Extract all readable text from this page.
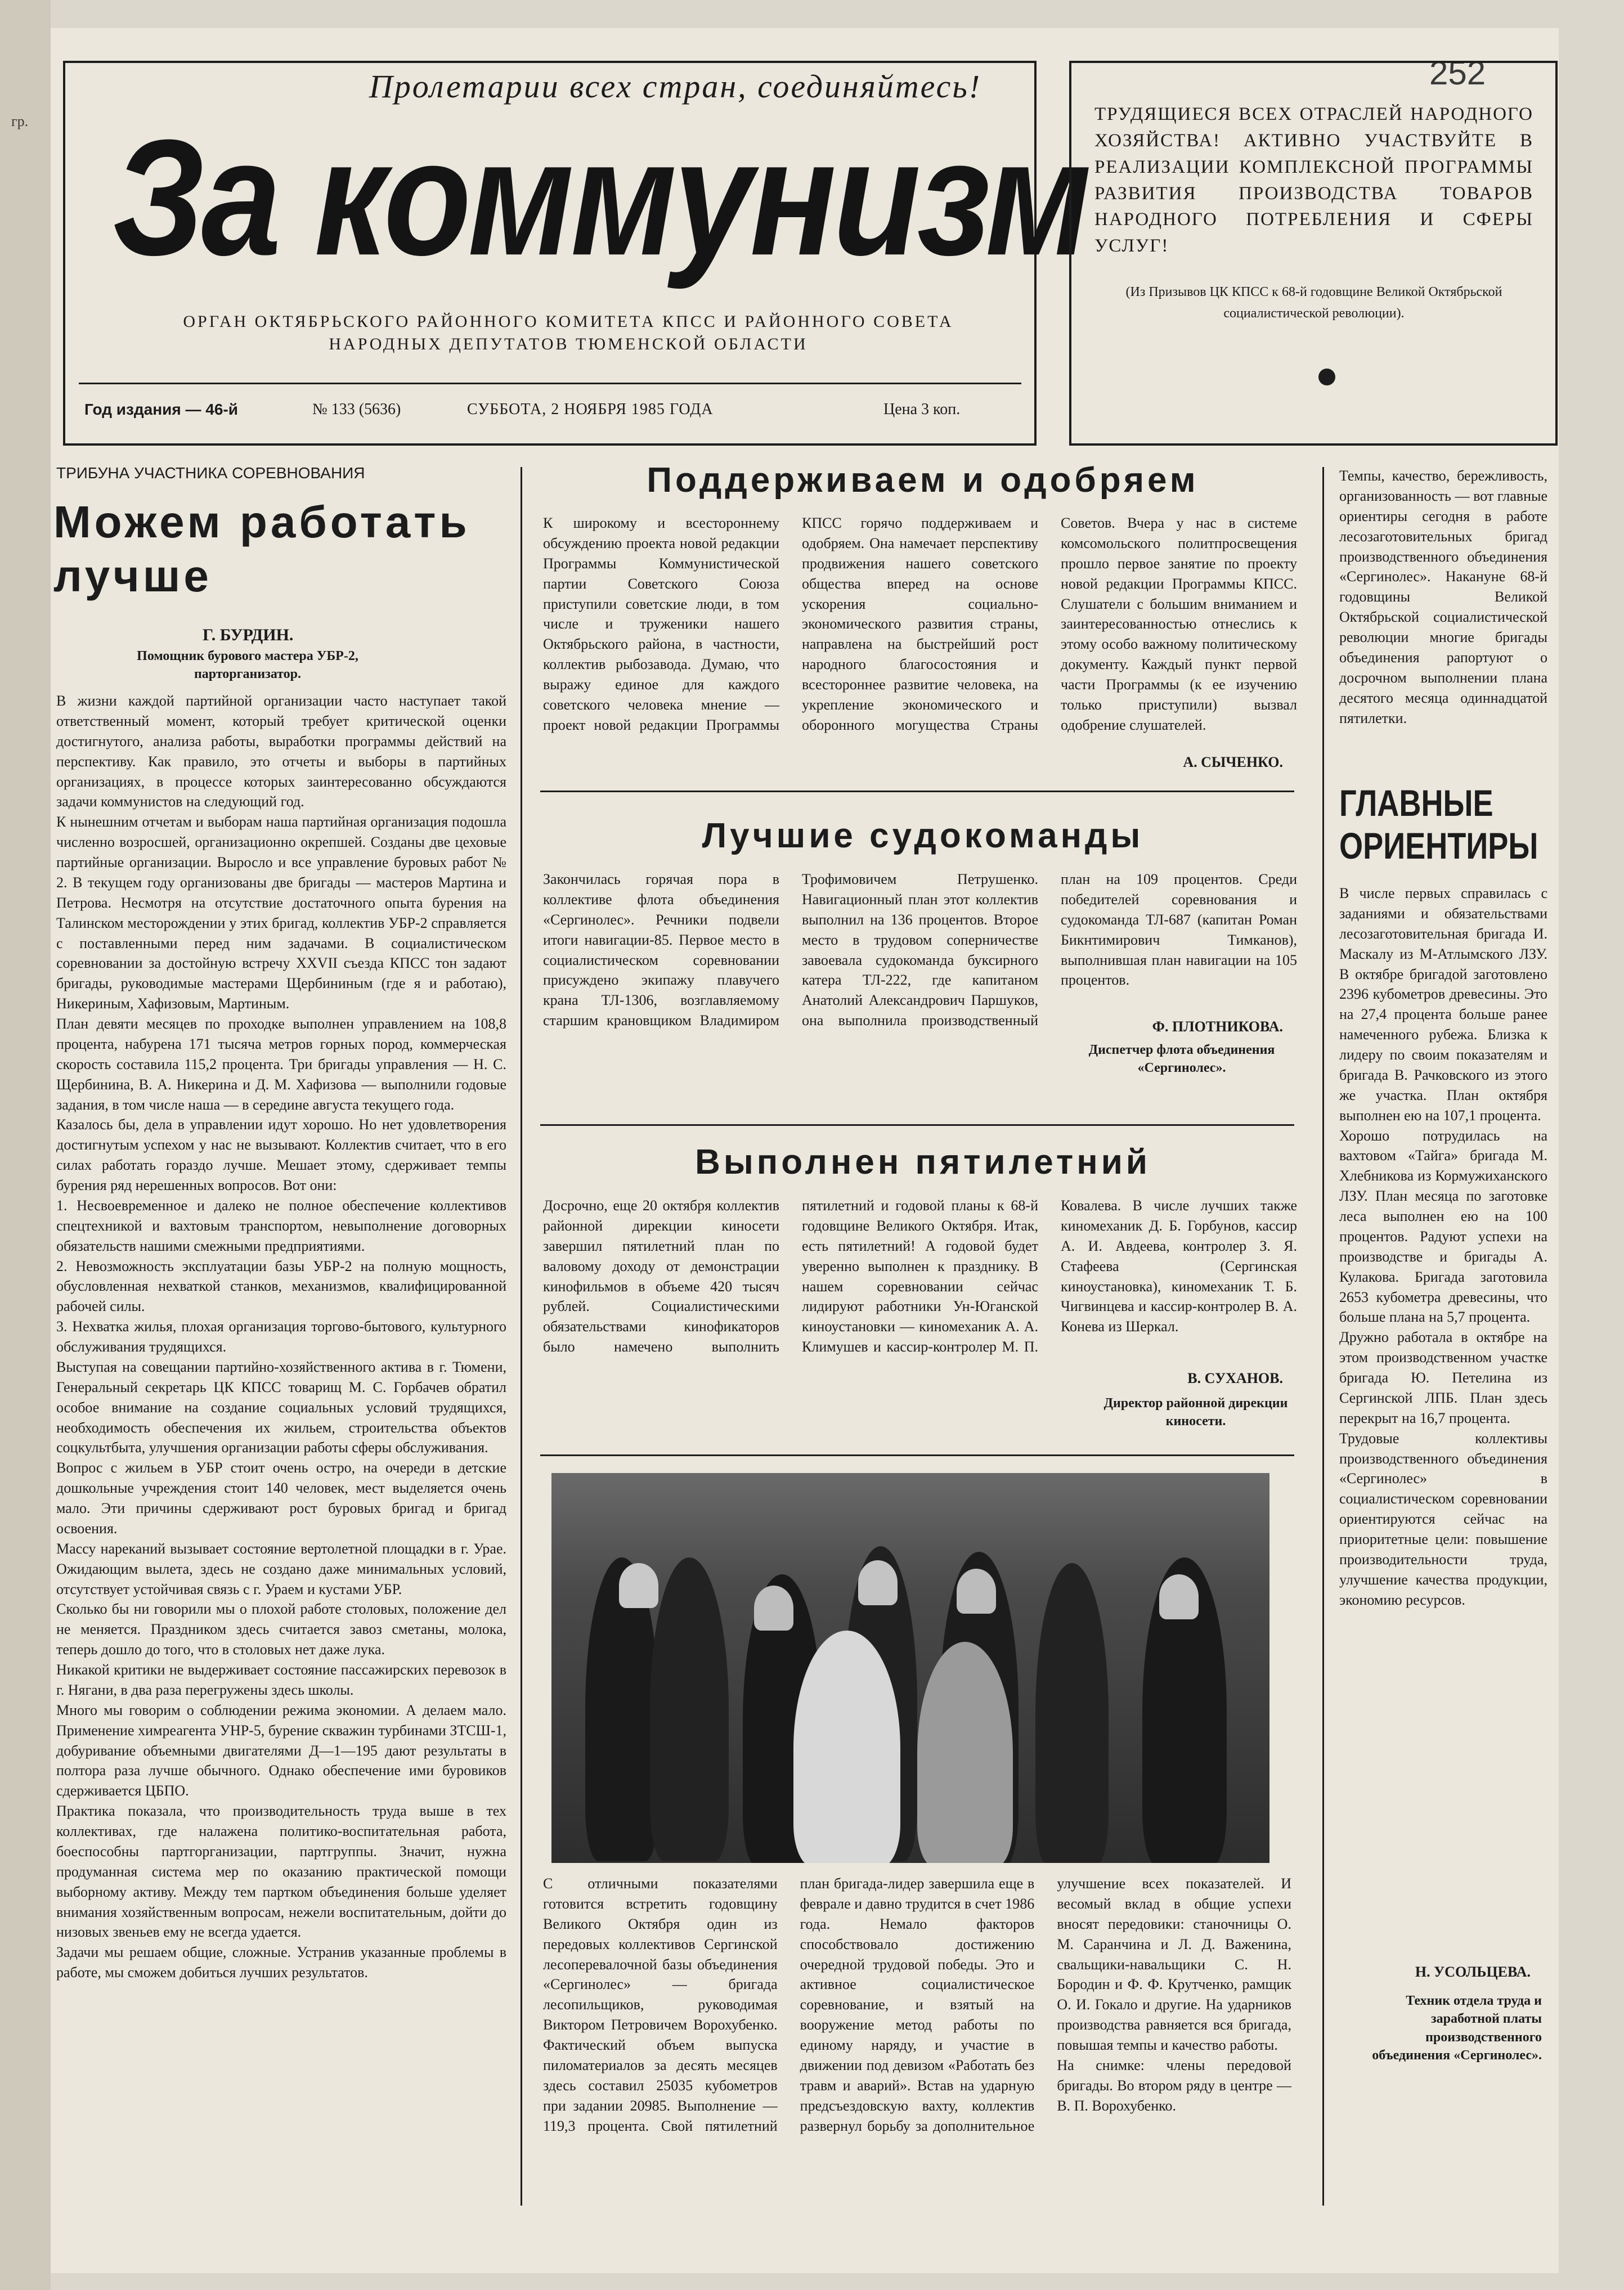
гр.
252
Пролетарии всех стран, соединяйтесь!
За коммунизм
ОРГАН ОКТЯБРЬСКОГО РАЙОННОГО КОМИТЕТА КПСС И РАЙОННОГО СОВЕТА
НАРОДНЫХ ДЕПУТАТОВ ТЮМЕНСКОЙ ОБЛАСТИ
Год издания — 46-й	№ 133 (5636)	СУББОТА, 2 НОЯБРЯ 1985 ГОДА	Цена 3 коп.
ТРУДЯЩИЕСЯ ВСЕХ ОТРАСЛЕЙ НАРОДНОГО ХОЗЯЙСТВА! АКТИВНО УЧАСТВУЙТЕ В РЕАЛИЗАЦИИ КОМПЛЕКСНОЙ ПРОГРАММЫ РАЗВИТИЯ ПРОИЗВОДСТВА ТОВАРОВ НАРОДНОГО ПОТРЕБЛЕНИЯ И СФЕРЫ УСЛУГ!
(Из Призывов ЦК КПСС к 68-й годовщине Великой Октябрьской социалистической революции).
ТРИБУНА УЧАСТНИКА СОРЕВНОВАНИЯ
Можем работать лучше
Г. БУРДИН.
Помощник бурового мастера УБР-2, парторганизатор.
В жизни каждой партийной организации часто наступает такой ответственный момент, который требует критической оценки достигнутого, анализа работы, выработки программы действий на перспективу. Как правило, это отчеты и выборы в партийных организациях, в процессе которых заинтересованно обсуждаются задачи коммунистов на следующий год.
К нынешним отчетам и выборам наша партийная организация подошла численно возросшей, организационно окрепшей. Созданы две цеховые партийные организации. Выросло и все управление буровых работ № 2. В текущем году организованы две бригады — мастеров Мартина и Петрова. Несмотря на отсутствие достаточного опыта бурения на Талинском месторождении у этих бригад, коллектив УБР-2 справляется с поставленными перед ним задачами. В социалистическом соревновании за достойную встречу XXVII съезда КПСС тон задают бригады, руководимые мастерами Щербининым (где я и работаю), Никериным, Хафизовым, Мартиным.
План девяти месяцев по проходке выполнен управлением на 108,8 процента, набурена 171 тысяча метров горных пород, коммерческая скорость составила 115,2 процента. Три бригады управления — Н. С. Щербинина, В. А. Никерина и Д. М. Хафизова — выполнили годовые задания, в том числе наша — в середине августа текущего года.
Казалось бы, дела в управлении идут хорошо. Но нет удовлетворения достигнутым успехом у нас не вызывают. Коллектив считает, что в его силах работать гораздо лучше. Мешает этому, сдерживает темпы бурения ряд нерешенных вопросов. Вот они:
1. Несвоевременное и далеко не полное обеспечение коллективов спецтехникой и вахтовым транспортом, невыполнение договорных обязательств нашими смежными предприятиями.
2. Невозможность эксплуатации базы УБР-2 на полную мощность, обусловленная нехваткой станков, механизмов, квалифицированной рабочей силы.
3. Нехватка жилья, плохая организация торгово-бытового, культурного обслуживания трудящихся.
Выступая на совещании партийно-хозяйственного актива в г. Тюмени, Генеральный секретарь ЦК КПСС товарищ М. С. Горбачев обратил особое внимание на создание социальных условий трудящихся, необходимость обеспечения их жильем, строительства объектов соцкультбыта, улучшения организации работы сферы обслуживания.
Вопрос с жильем в УБР стоит очень остро, на очереди в детские дошкольные учреждения стоит 140 человек, мест выделяется очень мало. Эти причины сдерживают рост буровых бригад и бригад освоения.
Массу нареканий вызывает состояние вертолетной площадки в г. Урае. Ожидающим вылета, здесь не создано даже минимальных условий, отсутствует устойчивая связь с г. Ураем и кустами УБР.
Сколько бы ни говорили мы о плохой работе столовых, положение дел не меняется. Праздником здесь считается завоз сметаны, молока, теперь дошло до того, что в столовых нет даже лука.
Никакой критики не выдерживает состояние пассажирских перевозок в г. Нягани, в два раза перегружены здесь школы.
Много мы говорим о соблюдении режима экономии. А делаем мало. Применение химреагента УНР-5, бурение скважин турбинами ЗТСШ-1, добуривание объемными двигателями Д—1—195 дают результаты в полтора раза лучше обычного. Однако обеспечение ими буровиков сдерживается ЦБПО.
Практика показала, что производительность труда выше в тех коллективах, где налажена политико-воспитательная работа, боеспособны партгорганизации, партгруппы. Значит, нужна продуманная система мер по оказанию практической помощи выборному активу. Между тем партком объединения больше уделяет внимания хозяйственным вопросам, нежели воспитательным, дойти до низовых звеньев ему не всегда удается.
Задачи мы решаем общие, сложные. Устранив указанные проблемы в работе, мы сможем добиться лучших результатов.
Поддерживаем и одобряем
К широкому и всестороннему обсуждению проекта новой редакции Программы Коммунистической партии Советского Союза приступили советские люди, в том числе и труженики нашего Октябрьского района, в частности, коллектив рыбозавода. Думаю, что выражу единое для каждого советского человека мнение — проект новой редакции Программы КПСС горячо поддерживаем и одобряем. Она намечает перспективу продвижения нашего советского общества вперед на основе ускорения социально-экономического развития страны, направлена на быстрейший рост народного благосостояния и всестороннее развитие человека, на укрепление экономического и оборонного могущества Страны Советов. Вчера у нас в системе комсомольского политпросвещения прошло первое занятие по проекту новой редакции Программы КПСС. Слушатели с большим вниманием и заинтересованностью отнеслись к этому особо важному политическому документу. Каждый пункт первой части Программы (к ее изучению только приступили) вызвал одобрение слушателей.
А. СЫЧЕНКО.
Лучшие судокоманды
Закончилась горячая пора в коллективе флота объединения «Сергинолес». Речники подвели итоги навигации-85. Первое место в социалистическом соревновании присуждено экипажу плавучего крана ТЛ-1306, возглавляемому старшим крановщиком Владимиром Трофимовичем Петрушенко. Навигационный план этот коллектив выполнил на 136 процентов. Второе место в трудовом соперничестве завоевала судокоманда буксирного катера ТЛ-222, где капитаном Анатолий Александрович Паршуков, она выполнила производственный план на 109 процентов. Среди победителей соревнования и судокоманда ТЛ-687 (капитан Роман Бикнтимирович Тимканов), выполнившая план навигации на 105 процентов.
Ф. ПЛОТНИКОВА.
Диспетчер флота объединения «Сергинолес».
Выполнен пятилетний
Досрочно, еще 20 октября коллектив районной дирекции киносети завершил пятилетний план по валовому доходу от демонстрации кинофильмов в объеме 420 тысяч рублей. Социалистическими обязательствами кинофикаторов было намечено выполнить пятилетний и годовой планы к 68-й годовщине Великого Октября. Итак, есть пятилетний! А годовой будет уверенно выполнен к празднику. В нашем соревновании сейчас лидируют работники Ун-Юганской киноустановки — киномеханик А. А. Климушев и кассир-контролер М. П. Ковалева. В числе лучших также киномеханик Д. Б. Горбунов, кассир А. И. Авдеева, контролер З. Я. Стафеева (Сергинская киноустановка), киномеханик Т. Б. Чигвинцева и кассир-контролер В. А. Конева из Шеркал.
В. СУХАНОВ.
Директор районной дирекции киносети.
С отличными показателями готовится встретить годовщину Великого Октября один из передовых коллективов Сергинской лесоперевалочной базы объединения «Сергинолес» — бригада лесопильщиков, руководимая Виктором Петровичем Ворохубенко. Фактический объем выпуска пиломатериалов за десять месяцев здесь составил 25035 кубометров при задании 20985. Выполнение — 119,3 процента. Свой пятилетний план бригада-лидер завершила еще в феврале и давно трудится в счет 1986 года. Немало факторов способствовало достижению очередной трудовой победы. Это и активное социалистическое соревнование, и взятый на вооружение метод работы по единому наряду, и участие в движении под девизом «Работать без травм и аварий». Встав на ударную предсъездовскую вахту, коллектив развернул борьбу за дополнительное улучшение всех показателей. И весомый вклад в общие успехи вносят передовики: станочницы О. М. Саранчина и Л. Д. Важенина, свальщики-навальщики С. Н. Бородин и Ф. Ф. Крутченко, рамщик О. И. Гокало и другие. На ударников производства равняется вся бригада, повышая темпы и качество работы.
На снимке: члены передовой бригады. Во втором ряду в центре — В. П. Ворохубенко.
Темпы, качество, бережливость, организованность — вот главные ориентиры сегодня в работе лесозаготовительных бригад производственного объединения «Сергинолес». Накануне 68-й годовщины Великой Октябрьской социалистической революции многие бригады объединения рапортуют о досрочном выполнении плана десятого месяца одиннадцатой пятилетки.
ГЛАВНЫЕ ОРИЕНТИРЫ
В числе первых справилась с заданиями и обязательствами лесозаготовительная бригада И. Маскалу из М-Атлымского ЛЗУ. В октябре бригадой заготовлено 2396 кубометров древесины. Это на 27,4 процента больше ранее намеченного рубежа. Близка к лидеру по своим показателям и бригада В. Рачковского из этого же участка. План октября выполнен ею на 107,1 процента.
Хорошо потрудилась на вахтовом «Тайга» бригада М. Хлебникова из Кормужиханского ЛЗУ. План месяца по заготовке леса выполнен ею на 100 процентов. Радуют успехи на производстве и бригады А. Кулакова. Бригада заготовила 2653 кубометра древесины, что больше плана на 5,7 процента.
Дружно работала в октябре на этом производственном участке бригада Ю. Петелина из Сергинской ЛПБ. План здесь перекрыт на 16,7 процента.
Трудовые коллективы производственного объединения «Сергинолес» в социалистическом соревновании ориентируются сейчас на приоритетные цели: повышение производительности труда, улучшение качества продукции, экономию ресурсов.
Н. УСОЛЬЦЕВА.
Техник отдела труда и заработной платы производственного объединения «Сергинолес».
